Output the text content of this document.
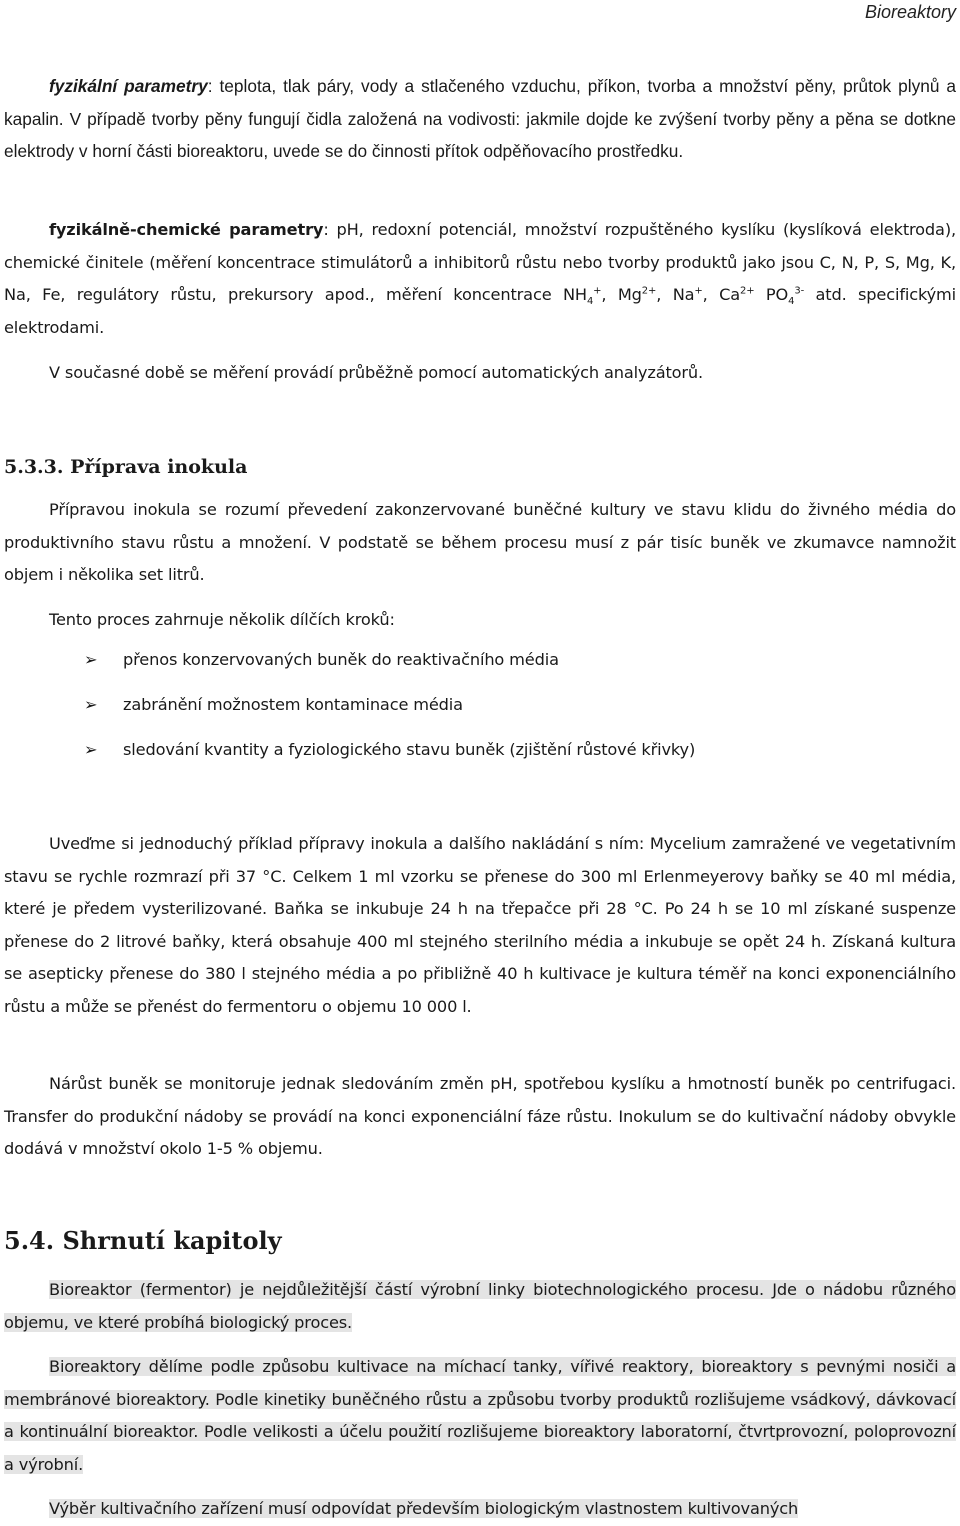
Bioreaktory

fyzikální parametry: teplota, tlak páry, vody a stlačeného vzduchu, příkon, tvorba a množství pěny, průtok plynů a kapalin. V případě tvorby pěny fungují čidla založená na vodivosti: jakmile dojde ke zvýšení tvorby pěny a pěna se dotkne elektrody v horní části bioreaktoru, uvede se do činnosti přítok odpěňovacího prostředku.

fyzikálně-chemické parametry: pH, redoxní potenciál, množství rozpuštěného kyslíku (kyslíková elektroda), chemické činitele (měření koncentrace stimulátorů a inhibitorů růstu nebo tvorby produktů jako jsou C, N, P, S, Mg, K, Na, Fe, regulátory růstu, prekursory apod., měření koncentrace $NH_4^+$, $Mg^{2+}$, Na+, $Ca^{2+}$ $PO_4^{3-}$ atd. specifickými elektrodami.

V současné době se měření provádí průběžně pomocí automatických analyzátorů.

5.3.3. Příprava inokula

Přípravou inokula se rozumí převedení zakonzervované buněčné kultury ve stavu klidu do živného média do produktivního stavu růstu a množení. V podstatě se během procesu musí z pár tisíc buněk ve zkumavce namnožit objem i několika set litrů.

Tento proces zahrnuje několik dílčích kroků:

➢ přenos konzervovaných buněk do reaktivačního média
➢ zabránění možnostem kontaminace média
➢ sledování kvantity a fyziologického stavu buněk (zjištění růstové křivky)

Uveďme si jednoduchý příklad přípravy inokula a dalšího nakládání s ním: Mycelium zamražené ve vegetativním stavu se rychle rozmrazí při 37 °C. Celkem 1 ml vzorku se přenese do 300 ml Erlenmeyerovy baňky se 40 ml média, které je předem vysterilizované. Baňka se inkubuje 24 h na třepačce při 28 °C. Po 24 h se 10 ml získané suspenze přenese do 2 litrové baňky, která obsahuje 400 ml stejného sterilního média a inkubuje se opět 24 h. Získaná kultura se asepticky přenese do 380 l stejného média a po přibližně 40 h kultivace je kultura téměř na konci exponenciálního růstu a může se přenést do fermentoru o objemu 10 000 l.

Nárůst buněk se monitoruje jednak sledováním změn pH, spotřebou kyslíku a hmotností buněk po centrifugaci. Transfer do produkční nádoby se provádí na konci exponenciální fáze růstu. Inokulum se do kultivační nádoby obvykle dodává v množství okolo 1-5 % objemu.

5.4. Shrnutí kapitoly

Bioreaktor (fermentor) je nejdůležitější částí výrobní linky biotechnologického procesu. Jde o nádobu různého objemu, ve které probíhá biologický proces.

Bioreaktory dělíme podle způsobu kultivace na míchací tanky, vířivé reaktory, bioreaktory s pevnými nosiči a membránové bioreaktory. Podle kinetiky buněčného růstu a způsobu tvorby produktů rozlišujeme vsádkový, dávkovací a kontinuální bioreaktor. Podle velikosti a účelu použití rozlišujeme bioreaktory laboratorní, čtvrtprovozní, poloprovozní a výrobní.

Výběr kultivačního zařízení musí odpovídat především biologickým vlastnostem kultivovaných
